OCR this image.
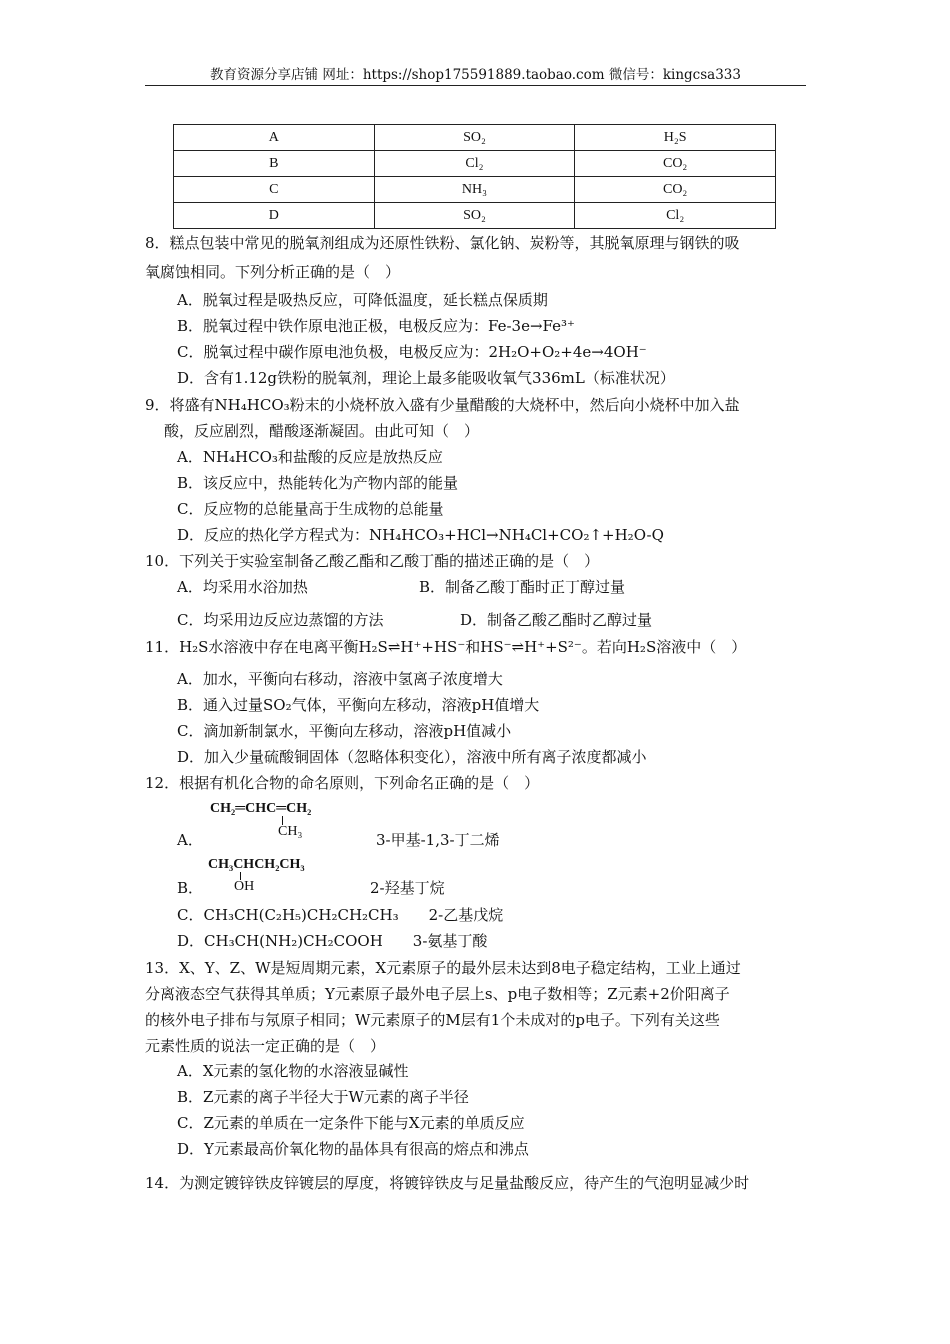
教育资源分享店铺 网址：https://shop175591889.taobao.com 微信号：kingcsa333
A	SO₂	H₂S
B	Cl₂	CO₂
C	NH₃	CO₂
D	SO₂	Cl₂
8．糕点包装中常见的脱氧剂组成为还原性铁粉、氯化钠、炭粉等，其脱氧原理与钢铁的吸
氧腐蚀相同。下列分析正确的是（　）
A．脱氧过程是吸热反应，可降低温度，延长糕点保质期
B．脱氧过程中铁作原电池正极，电极反应为：Fe-3e→Fe³⁺
C．脱氧过程中碳作原电池负极，电极反应为：2H₂O+O₂+4e→4OH⁻
D．含有1.12g铁粉的脱氧剂，理论上最多能吸收氧气336mL（标准状况）
9．将盛有NH₄HCO₃粉末的小烧杯放入盛有少量醋酸的大烧杯中，然后向小烧杯中加入盐
酸，反应剧烈，醋酸逐渐凝固。由此可知（　）
A．NH₄HCO₃和盐酸的反应是放热反应
B．该反应中，热能转化为产物内部的能量
C．反应物的总能量高于生成物的总能量
D．反应的热化学方程式为：NH₄HCO₃+HCl→NH₄Cl+CO₂↑+H₂O-Q
10．下列关于实验室制备乙酸乙酯和乙酸丁酯的描述正确的是（　）
A．均采用水浴加热	B．制备乙酸丁酯时正丁醇过量
C．均采用边反应边蒸馏的方法	D．制备乙酸乙酯时乙醇过量
11．H₂S水溶液中存在电离平衡H₂S⇌H⁺+HS⁻和HS⁻⇌H⁺+S²⁻。若向H₂S溶液中（　）
A．加水，平衡向右移动，溶液中氢离子浓度增大
B．通入过量SO₂气体，平衡向左移动，溶液pH值增大
C．滴加新制氯水，平衡向左移动，溶液pH值减小
D．加入少量硫酸铜固体（忽略体积变化），溶液中所有离子浓度都减小
12．根据有机化合物的命名原则，下列命名正确的是（　）
CH₂═CHC═CH₂
CH₃
A．	3-甲基-1,3-丁二烯
CH₃CHCH₂CH₃
OH
B．	2-羟基丁烷
C．CH₃CH(C₂H₅)CH₂CH₂CH₃　　2-乙基戊烷
D．CH₃CH(NH₂)CH₂COOH　　3-氨基丁酸
13．X、Y、Z、W是短周期元素，X元素原子的最外层未达到8电子稳定结构，工业上通过
分离液态空气获得其单质；Y元素原子最外电子层上s、p电子数相等；Z元素+2价阳离子
的核外电子排布与氖原子相同；W元素原子的M层有1个未成对的p电子。下列有关这些
元素性质的说法一定正确的是（　）
A．X元素的氢化物的水溶液显碱性
B．Z元素的离子半径大于W元素的离子半径
C．Z元素的单质在一定条件下能与X元素的单质反应
D．Y元素最高价氧化物的晶体具有很高的熔点和沸点
14．为测定镀锌铁皮锌镀层的厚度，将镀锌铁皮与足量盐酸反应，待产生的气泡明显减少时
